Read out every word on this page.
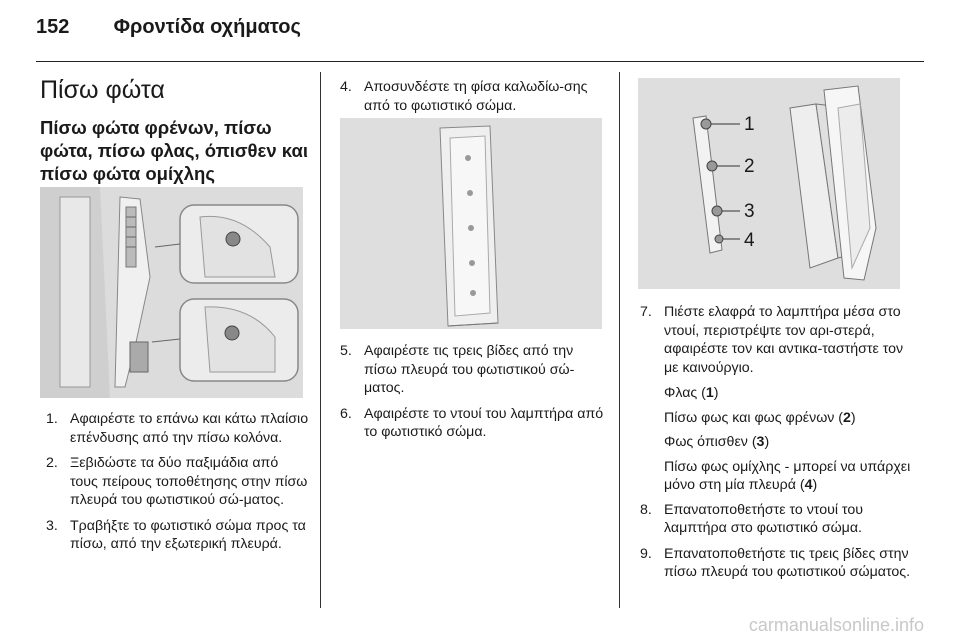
152 Φροντίδα οχήματος
Πίσω φώτα
Πίσω φώτα φρένων, πίσω φώτα, πίσω φλας, όπισθεν και πίσω φώτα ομίχλης
1. Αφαιρέστε το επάνω και κάτω πλαίσιο επένδυσης από την πίσω κολόνα.
2. Ξεβιδώστε τα δύο παξιμάδια από τους πείρους τοποθέτησης στην πίσω πλευρά του φωτιστικού σώ-ματος.
3. Τραβήξτε το φωτιστικό σώμα προς τα πίσω, από την εξωτερική πλευρά.
4. Αποσυνδέστε τη φίσα καλωδίω-σης από το φωτιστικό σώμα.
5. Αφαιρέστε τις τρεις βίδες από την πίσω πλευρά του φωτιστικού σώ-ματος.
6. Αφαιρέστε το ντουί του λαμπτήρα από το φωτιστικό σώμα.
1
2
3
4
7. Πιέστε ελαφρά το λαμπτήρα μέσα στο ντουί, περιστρέψτε τον αρι-στερά, αφαιρέστε τον και αντικα-ταστήστε τον με καινούργιο.
Φλας (1)
Πίσω φως και φως φρένων (2)
Φως όπισθεν (3)
Πίσω φως ομίχλης - μπορεί να υπάρχει μόνο στη μία πλευρά (4)
8. Επανατοποθετήστε το ντουί του λαμπτήρα στο φωτιστικό σώμα.
9. Επανατοποθετήστε τις τρεις βίδες στην πίσω πλευρά του φωτιστικού σώματος.
carmanualsonline.info
